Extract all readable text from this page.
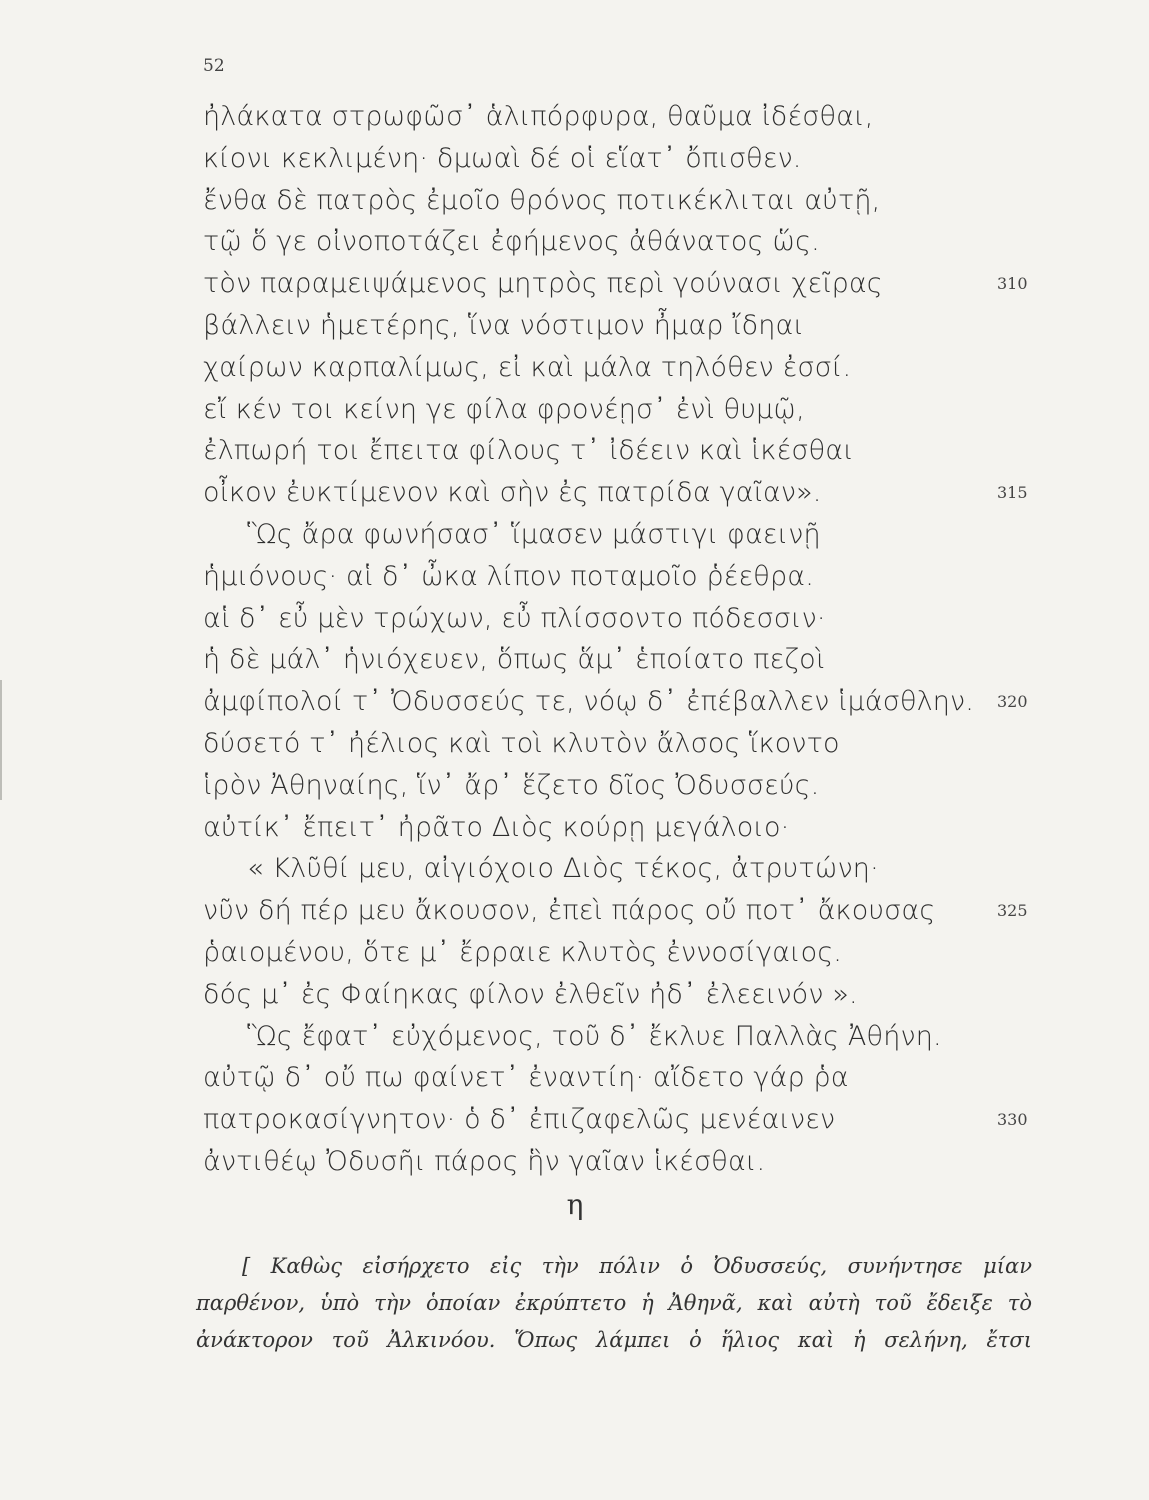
52
ἠλάκατα στρωφῶσ᾽ ἁλιπόρφυρα, θαῦμα ἰδέσθαι,
κίονι κεκλιμένη· δμωαὶ δέ οἱ εἵατ᾽ ὄπισθεν.
ἔνθα δὲ πατρὸς ἐμοῖο θρόνος ποτικέκλιται αὐτῇ,
τῷ ὅ γε οἰνοποτάζει ἐφήμενος ἀθάνατος ὥς.
τὸν παραμειψάμενος μητρὸς περὶ γούνασι χεῖρας	310
βάλλειν ἡμετέρης, ἵνα νόστιμον ἦμαρ ἴδηαι
χαίρων καρπαλίμως, εἰ καὶ μάλα τηλόθεν ἐσσί.
εἴ κέν τοι κείνη γε φίλα φρονέῃσ᾽ ἐνὶ θυμῷ,
ἐλπωρή τοι ἔπειτα φίλους τ᾽ ἰδέειν καὶ ἱκέσθαι
οἶκον ἐυκτίμενον καὶ σὴν ἐς πατρίδα γαῖαν».	315
Ὣς ἄρα φωνήσασ᾽ ἵμασεν μάστιγι φαεινῇ
ἡμιόνους· αἱ δ᾽ ὦκα λίπον ποταμοῖο ῥέεθρα.
αἱ δ᾽ εὖ μὲν τρώχων, εὖ πλίσσοντο πόδεσσιν·
ἡ δὲ μάλ᾽ ἡνιόχευεν, ὅπως ἅμ᾽ ἑποίατο πεζοὶ
ἀμφίπολοί τ᾽ Ὀδυσσεύς τε, νόῳ δ᾽ ἐπέβαλλεν ἱμάσθλην. 320
δύσετό τ᾽ ἠέλιος καὶ τοὶ κλυτὸν ἄλσος ἵκοντο
ἱρὸν Ἀθηναίης, ἵν᾽ ἄρ᾽ ἕζετο δῖος Ὀδυσσεύς.
αὐτίκ᾽ ἔπειτ᾽ ἠρᾶτο Διὸς κούρῃ μεγάλοιο·
« Κλῦθί μευ, αἰγιόχοιο Διὸς τέκος, ἀτρυτώνη·
νῦν δή πέρ μευ ἄκουσον, ἐπεὶ πάρος οὔ ποτ᾽ ἄκουσας	325
ῥαιομένου, ὅτε μ᾽ ἔρραιε κλυτὸς ἐννοσίγαιος.
δός μ᾽ ἐς Φαίηκας φίλον ἐλθεῖν ἠδ᾽ ἐλεεινόν ».
Ὣς ἔφατ᾽ εὐχόμενος, τοῦ δ᾽ ἔκλυε Παλλὰς Ἀθήνη.
αὐτῷ δ᾽ οὔ πω φαίνετ᾽ ἐναντίη· αἴδετο γάρ ῥα
πατροκασίγνητον· ὁ δ᾽ ἐπιζαφελῶς μενέαινεν	330
ἀντιθέῳ Ὀδυσῆι πάρος ἣν γαῖαν ἱκέσθαι.
η
[ Καθὼς εἰσήρχετο εἰς τὴν πόλιν ὁ Ὀδυσσεύς, συνήντησε μίαν
παρθένον, ὑπὸ τὴν ὁποίαν ἐκρύπτετο ἡ Ἀθηνᾶ, καὶ αὐτὴ τοῦ ἔδειξε τὸ
ἀνάκτορον τοῦ Ἀλκινόου. Ὅπως λάμπει ὁ ἥλιος καὶ ἡ σελήνη, ἔτσι
